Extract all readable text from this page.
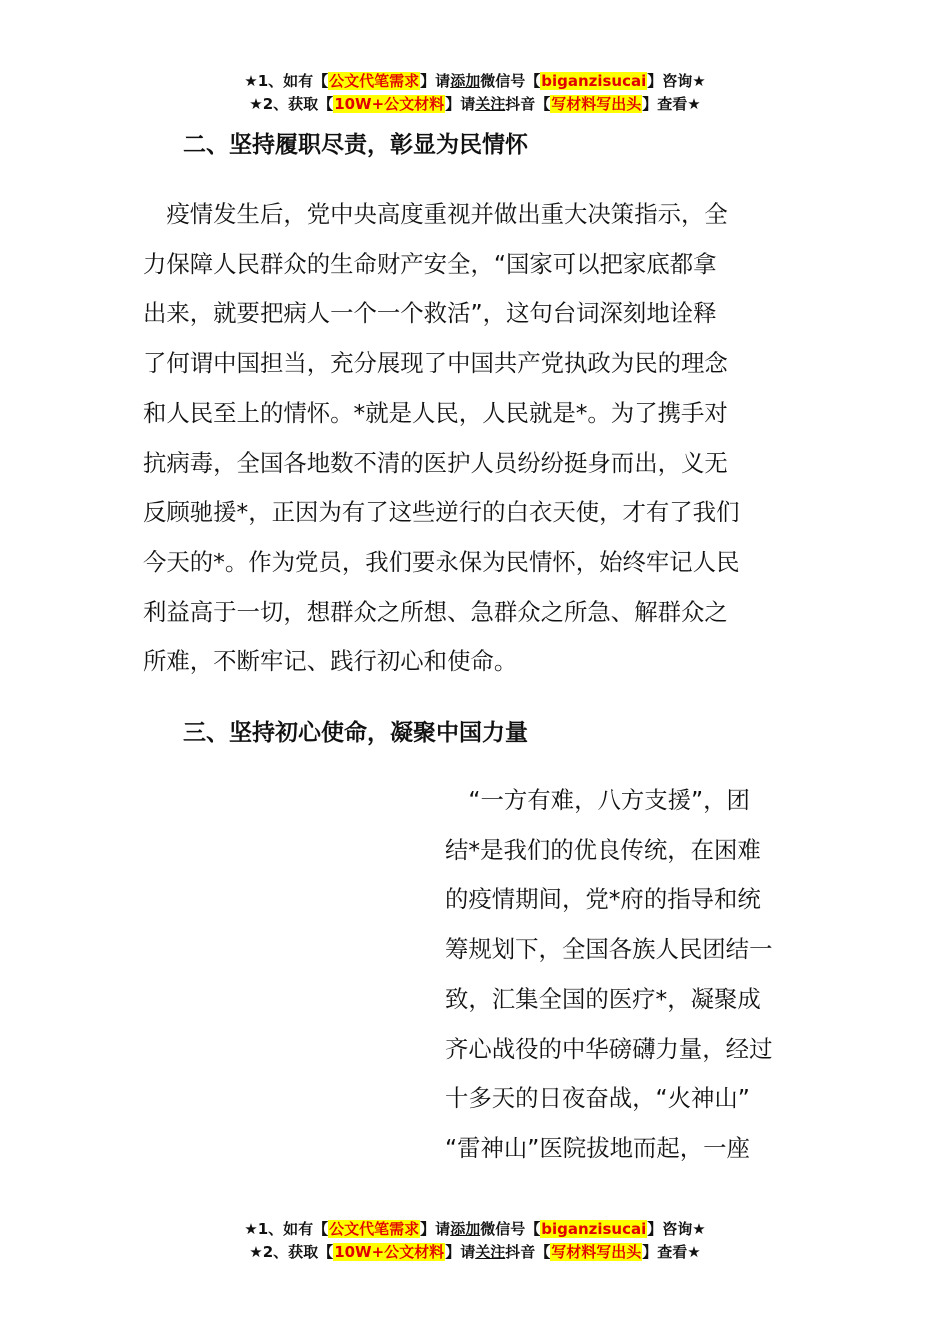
★1、如有【公文代笔需求】请添加微信号【biganzisucai】咨询★
★2、获取【10W+公文材料】请关注抖音【写材料写出头】查看★
二、坚持履职尽责，彰显为民情怀
　疫情发生后，党中央高度重视并做出重大决策指示，全
力保障人民群众的生命财产安全，“国家可以把家底都拿
出来，就要把病人一个一个救活”，这句台词深刻地诠释
了何谓中国担当，充分展现了中国共产党执政为民的理念
和人民至上的情怀。*就是人民，人民就是*。为了携手对
抗病毒，全国各地数不清的医护人员纷纷挺身而出，义无
反顾驰援*，正因为有了这些逆行的白衣天使，才有了我们
今天的*。作为党员，我们要永保为民情怀，始终牢记人民
利益高于一切，想群众之所想、急群众之所急、解群众之
所难，不断牢记、践行初心和使命。
三、坚持初心使命，凝聚中国力量
　“一方有难，八方支援”，团
结*是我们的优良传统，在困难
的疫情期间，党*府的指导和统
筹规划下，全国各族人民团结一
致，汇集全国的医疗*，凝聚成
齐心战役的中华磅礴力量，经过
十多天的日夜奋战，“火神山”
“雷神山”医院拔地而起，一座
★1、如有【公文代笔需求】请添加微信号【biganzisucai】咨询★
★2、获取【10W+公文材料】请关注抖音【写材料写出头】查看★
